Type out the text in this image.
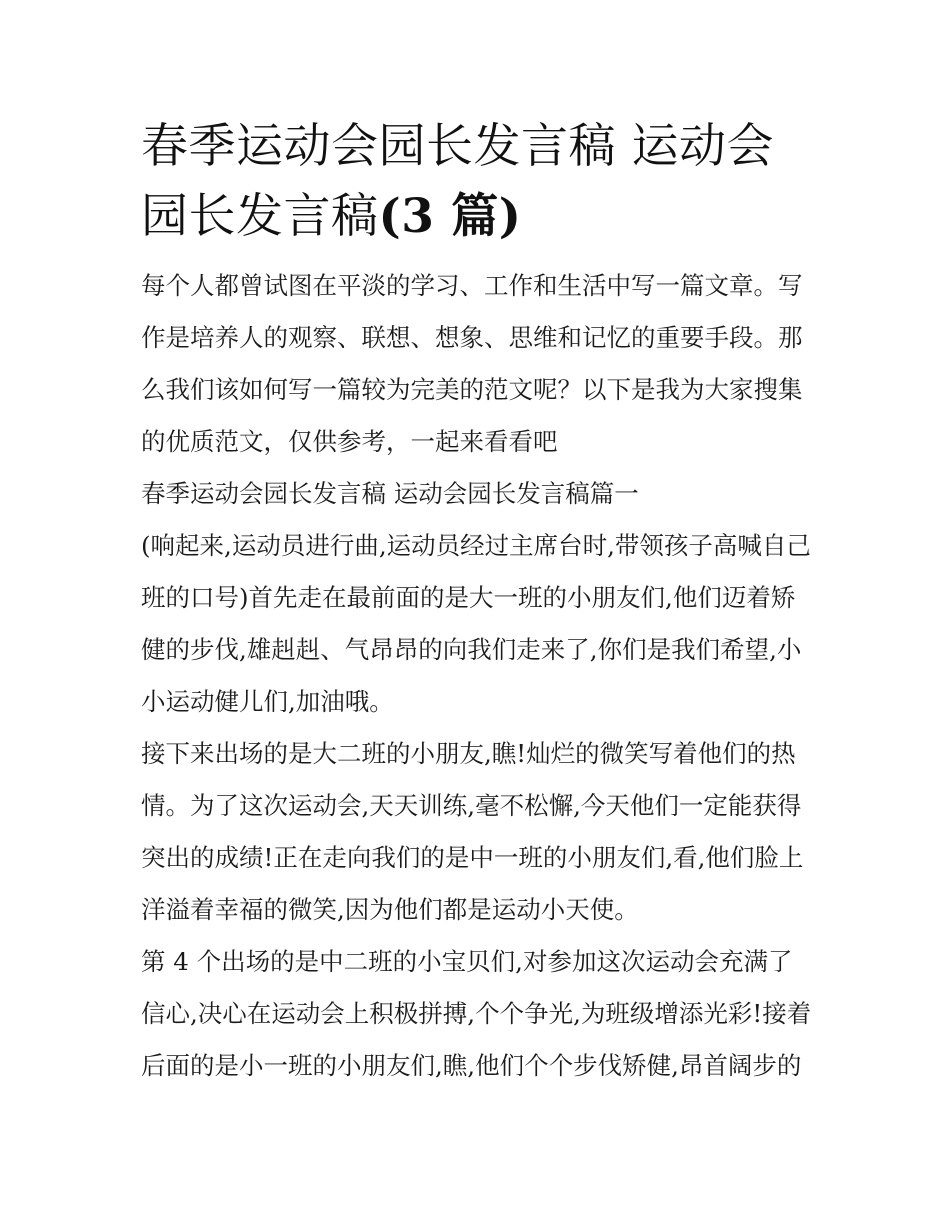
春季运动会园长发言稿 运动会
园长发言稿(3 篇)

每个人都曾试图在平淡的学习、工作和生活中写一篇文章。写
作是培养人的观察、联想、想象、思维和记忆的重要手段。那
么我们该如何写一篇较为完美的范文呢？以下是我为大家搜集
的优质范文，仅供参考，一起来看看吧

春季运动会园长发言稿 运动会园长发言稿篇一

(响起来,运动员进行曲,运动员经过主席台时,带领孩子高喊自己
班的口号)首先走在最前面的是大一班的小朋友们,他们迈着矫
健的步伐,雄赳赳、气昂昂的向我们走来了,你们是我们希望,小
小运动健儿们,加油哦。

接下来出场的是大二班的小朋友,瞧!灿烂的微笑写着他们的热
情。为了这次运动会,天天训练,毫不松懈,今天他们一定能获得
突出的成绩!正在走向我们的是中一班的小朋友们,看,他们脸上
洋溢着幸福的微笑,因为他们都是运动小天使。

第 4 个出场的是中二班的小宝贝们,对参加这次运动会充满了
信心,决心在运动会上积极拼搏,个个争光,为班级增添光彩!接着
后面的是小一班的小朋友们,瞧,他们个个步伐矫健,昂首阔步的
